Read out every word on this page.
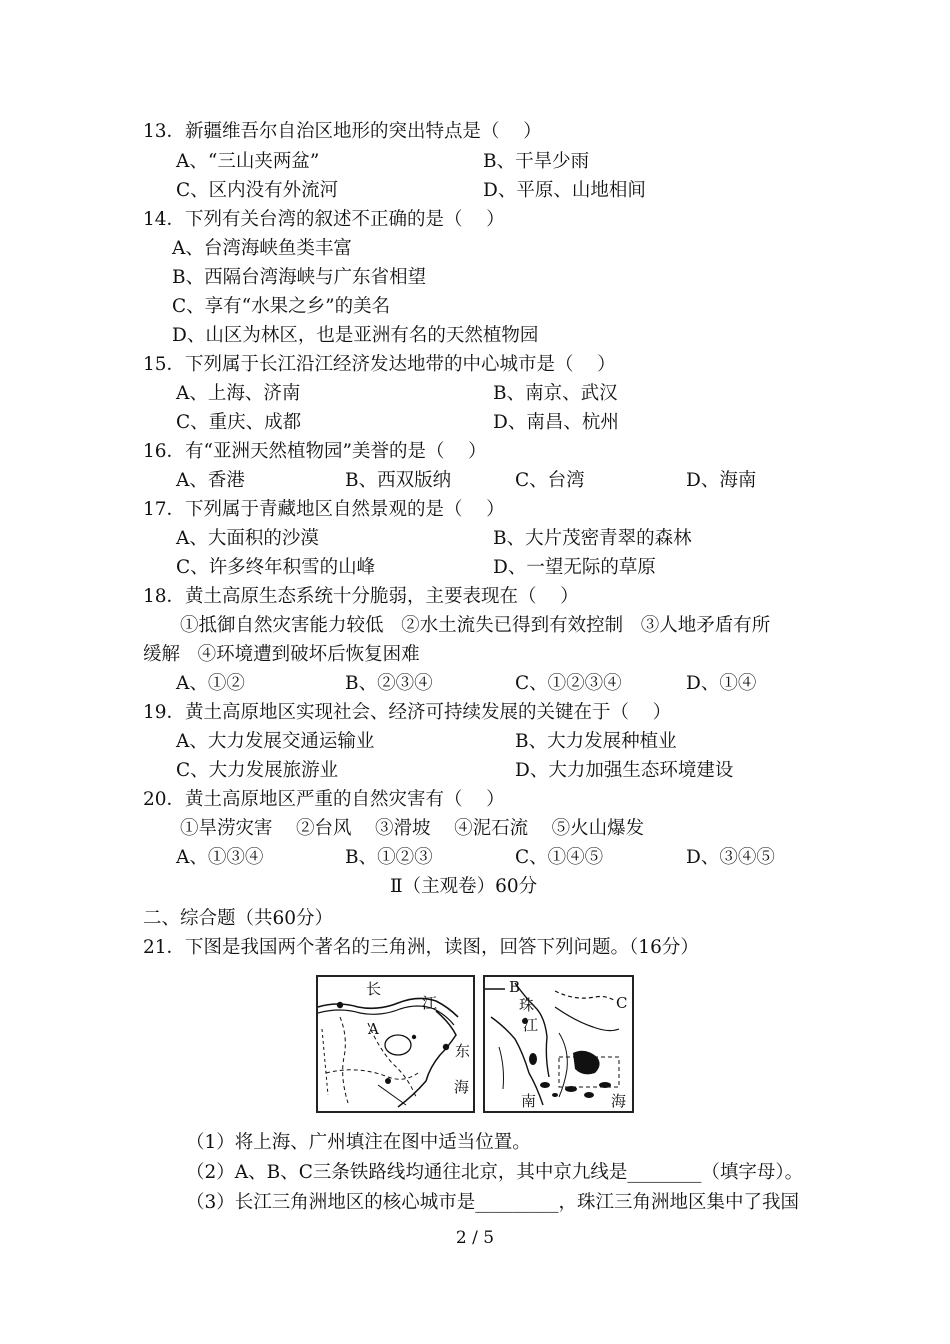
13．新疆维吾尔自治区地形的突出特点是（    ）
A、“三山夹两盆”	B、干旱少雨
C、区内没有外流河	D、平原、山地相间
14．下列有关台湾的叙述不正确的是（    ）
A、台湾海峡鱼类丰富
B、西隔台湾海峡与广东省相望
C、享有“水果之乡”的美名
D、山区为林区，也是亚洲有名的天然植物园
15．下列属于长江沿江经济发达地带的中心城市是（    ）
A、上海、济南	B、南京、武汉
C、重庆、成都	D、南昌、杭州
16．有“亚洲天然植物园”美誉的是（    ）
A、香港	B、西双版纳	C、台湾	D、海南
17．下列属于青藏地区自然景观的是（    ）
A、大面积的沙漠	B、大片茂密青翠的森林
C、许多终年积雪的山峰	D、一望无际的草原
18．黄土高原生态系统十分脆弱，主要表现在（    ）
①抵御自然灾害能力较低   ②水土流失已得到有效控制   ③人地矛盾有所
缓解   ④环境遭到破坏后恢复困难
A、①②	B、②③④	C、①②③④	D、①④
19．黄土高原地区实现社会、经济可持续发展的关键在于（    ）
A、大力发展交通运输业	B、大力发展种植业
C、大力发展旅游业	D、大力加强生态环境建设
20．黄土高原地区严重的自然灾害有（    ）
①旱涝灾害    ②台风    ③滑坡    ④泥石流    ⑤火山爆发
A、①③④	B、①②③	C、①④⑤	D、③④⑤
Ⅱ（主观卷）60分
二、综合题（共60分）
21．下图是我国两个著名的三角洲，读图，回答下列问题。（16分）
长
江
A
东
海
B
珠
江
C
南	海
（1）将上海、广州填注在图中适当位置。
（2）A、B、C三条铁路线均通往北京，其中京九线是________（填字母）。
（3）长江三角洲地区的核心城市是_________，珠江三角洲地区集中了我国
2 / 5
